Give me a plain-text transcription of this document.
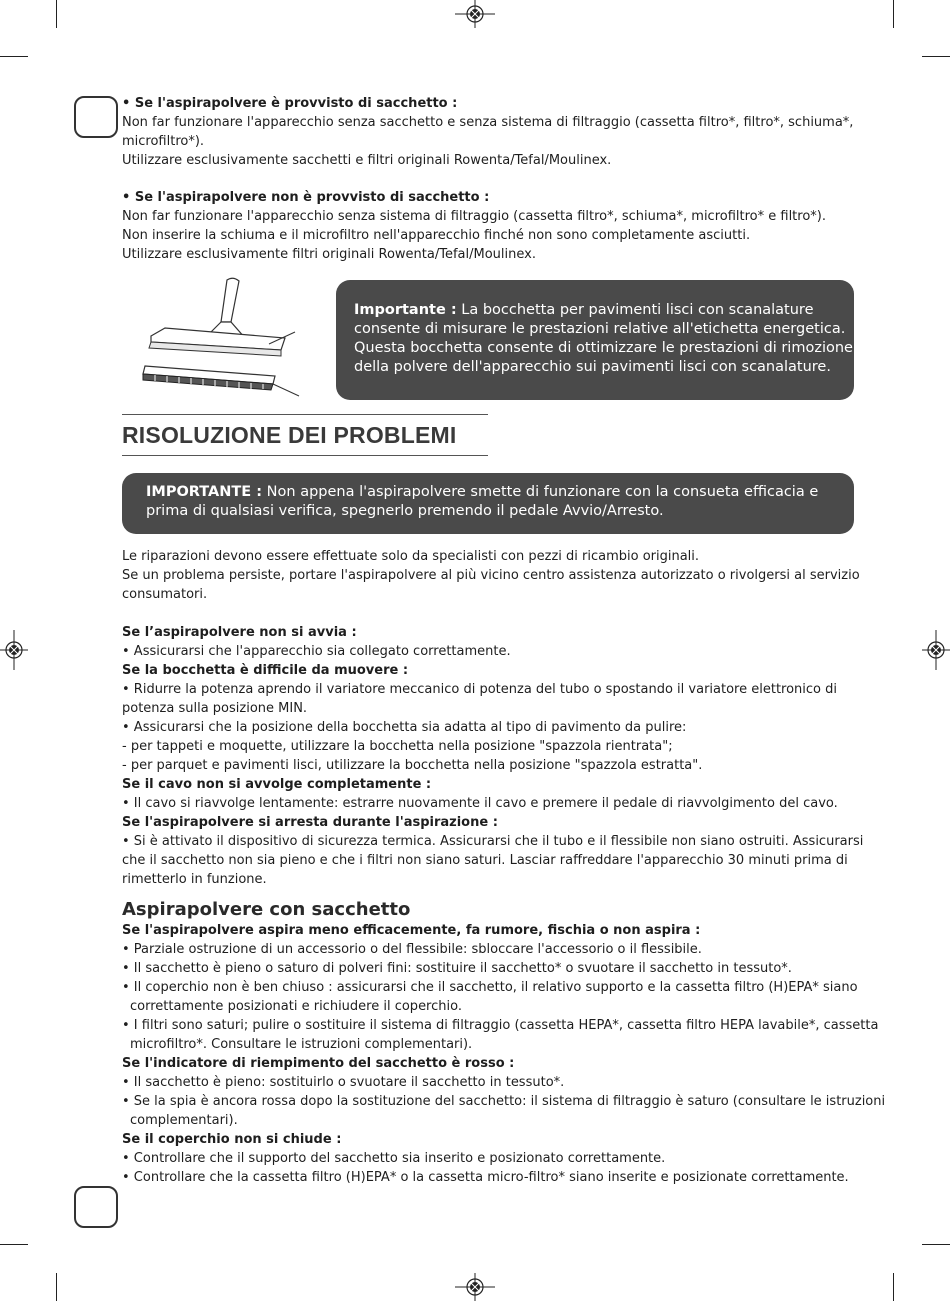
• Se l'aspirapolvere è provvisto di sacchetto :
Non far funzionare l'apparecchio senza sacchetto e senza sistema di filtraggio (cassetta filtro*, filtro*, schiuma*,
microfiltro*).
Utilizzare esclusivamente sacchetti e filtri originali Rowenta/Tefal/Moulinex.
• Se l'aspirapolvere non è provvisto di sacchetto :
Non far funzionare l'apparecchio senza sistema di filtraggio (cassetta filtro*, schiuma*, microfiltro* e filtro*).
Non inserire la schiuma e il microfiltro nell'apparecchio finché non sono completamente asciutti.
Utilizzare esclusivamente filtri originali Rowenta/Tefal/Moulinex.
Importante : La bocchetta per pavimenti lisci con scanalature
consente di misurare le prestazioni relative all'etichetta energetica.
Questa bocchetta consente di ottimizzare le prestazioni di rimozione
della polvere dell'apparecchio sui pavimenti lisci con scanalature.
RISOLUZIONE DEI PROBLEMI
IMPORTANTE : Non appena l'aspirapolvere smette di funzionare con la consueta efficacia e
prima di qualsiasi verifica, spegnerlo premendo il pedale Avvio/Arresto.
Le riparazioni devono essere effettuate solo da specialisti con pezzi di ricambio originali.
Se un problema persiste, portare l'aspirapolvere al più vicino centro assistenza autorizzato o rivolgersi al servizio
consumatori.
Se l’aspirapolvere non si avvia :
• Assicurarsi che l'apparecchio sia collegato correttamente.
Se la bocchetta è difficile da muovere :
• Ridurre la potenza aprendo il variatore meccanico di potenza del tubo o spostando il variatore elettronico di
potenza sulla posizione MIN.
• Assicurarsi che la posizione della bocchetta sia adatta al tipo di pavimento da pulire:
- per tappeti e moquette, utilizzare la bocchetta nella posizione "spazzola rientrata";
- per parquet e pavimenti lisci, utilizzare la bocchetta nella posizione "spazzola estratta".
Se il cavo non si avvolge completamente :
• Il cavo si riavvolge lentamente: estrarre nuovamente il cavo e premere il pedale di riavvolgimento del cavo.
Se l'aspirapolvere si arresta durante l'aspirazione :
• Si è attivato il dispositivo di sicurezza termica. Assicurarsi che il tubo e il flessibile non siano ostruiti. Assicurarsi
che il sacchetto non sia pieno e che i filtri non siano saturi. Lasciar raffreddare l'apparecchio 30 minuti prima di
rimetterlo in funzione.
Aspirapolvere con sacchetto
Se l'aspirapolvere aspira meno efficacemente, fa rumore, fischia o non aspira :
• Parziale ostruzione di un accessorio o del flessibile: sbloccare l'accessorio o il flessibile.
• Il sacchetto è pieno o saturo di polveri fini: sostituire il sacchetto* o svuotare il sacchetto in tessuto*.
• Il coperchio non è ben chiuso : assicurarsi che il sacchetto, il relativo supporto e la cassetta filtro (H)EPA* siano
correttamente posizionati e richiudere il coperchio.
• I filtri sono saturi; pulire o sostituire il sistema di filtraggio (cassetta HEPA*, cassetta filtro HEPA lavabile*, cassetta
microfiltro*. Consultare le istruzioni complementari).
Se l'indicatore di riempimento del sacchetto è rosso :
• Il sacchetto è pieno: sostituirlo o svuotare il sacchetto in tessuto*.
• Se la spia è ancora rossa dopo la sostituzione del sacchetto: il sistema di filtraggio è saturo (consultare le istruzioni
complementari).
Se il coperchio non si chiude :
• Controllare che il supporto del sacchetto sia inserito e posizionato correttamente.
• Controllare che la cassetta filtro (H)EPA* o la cassetta micro-filtro* siano inserite e posizionate correttamente.
